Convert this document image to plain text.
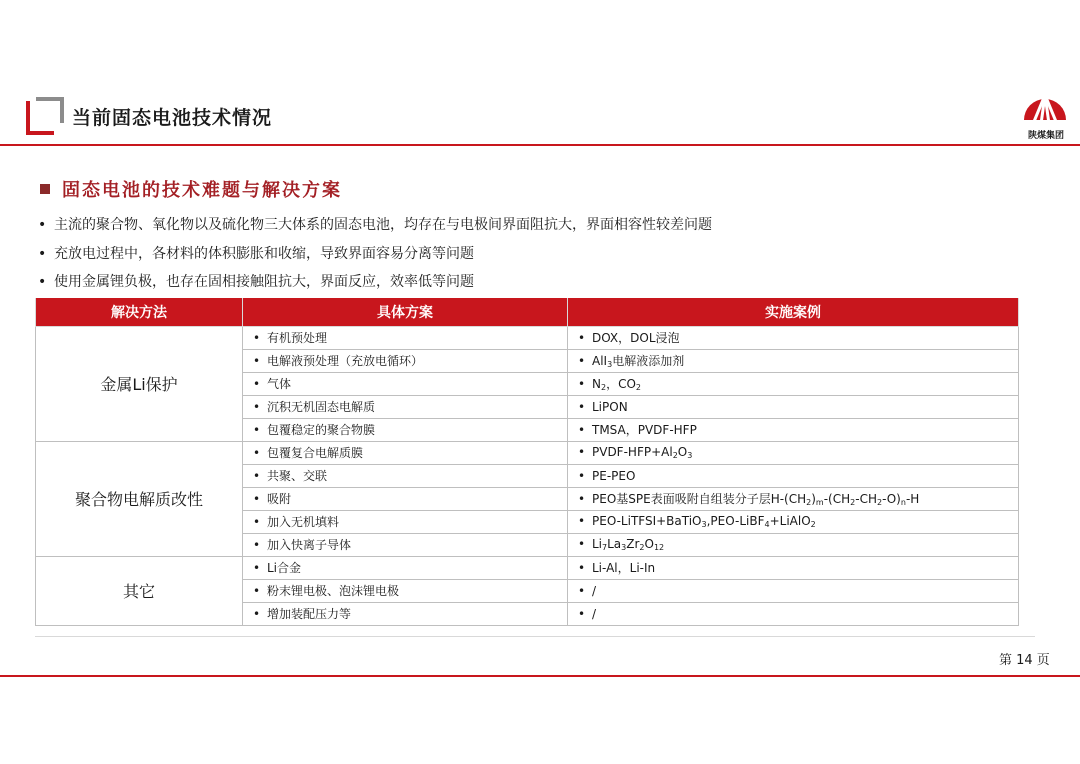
当前固态电池技术情况
陕煤集团
固态电池的技术难题与解决方案
• 主流的聚合物、氧化物以及硫化物三大体系的固态电池，均存在与电极间界面阻抗大，界面相容性较差问题
• 充放电过程中，各材料的体积膨胀和收缩，导致界面容易分离等问题
• 使用金属锂负极，也存在固相接触阻抗大，界面反应，效率低等问题
解决方法	具体方案	实施案例
金属Li保护	• 有机预处理	• DOX，DOL浸泡
	• 电解液预处理（充放电循环）	• AlI$_3$电解液添加剂
	• 气体	• $N_2$，$CO_2$
	• 沉积无机固态电解质	• LiPON
	• 包覆稳定的聚合物膜	• TMSA，PVDF-HFP
聚合物电解质改性	• 包覆复合电解质膜	• PVDF-$HFP+Al_2O_3$
	• 共聚、交联	• PE-PEO
	• 吸附	• PEO基SPE表面吸附自组装分子层$H-(CH_2)_m-(CH_2-CH_2-O)_n-H$
	• 加入无机填料	• PEO-LiTFSI+BaTiO$_3$,PEO-LiBF$_4$+LiAlO$_2$
	• 加入快离子导体	• $Li_7La_3Zr_2O_{12}$
其它	• Li合金	• Li-Al，Li-In
	• 粉末锂电极、泡沫锂电极	• /
	• 增加装配压力等	• /
第 14 页
